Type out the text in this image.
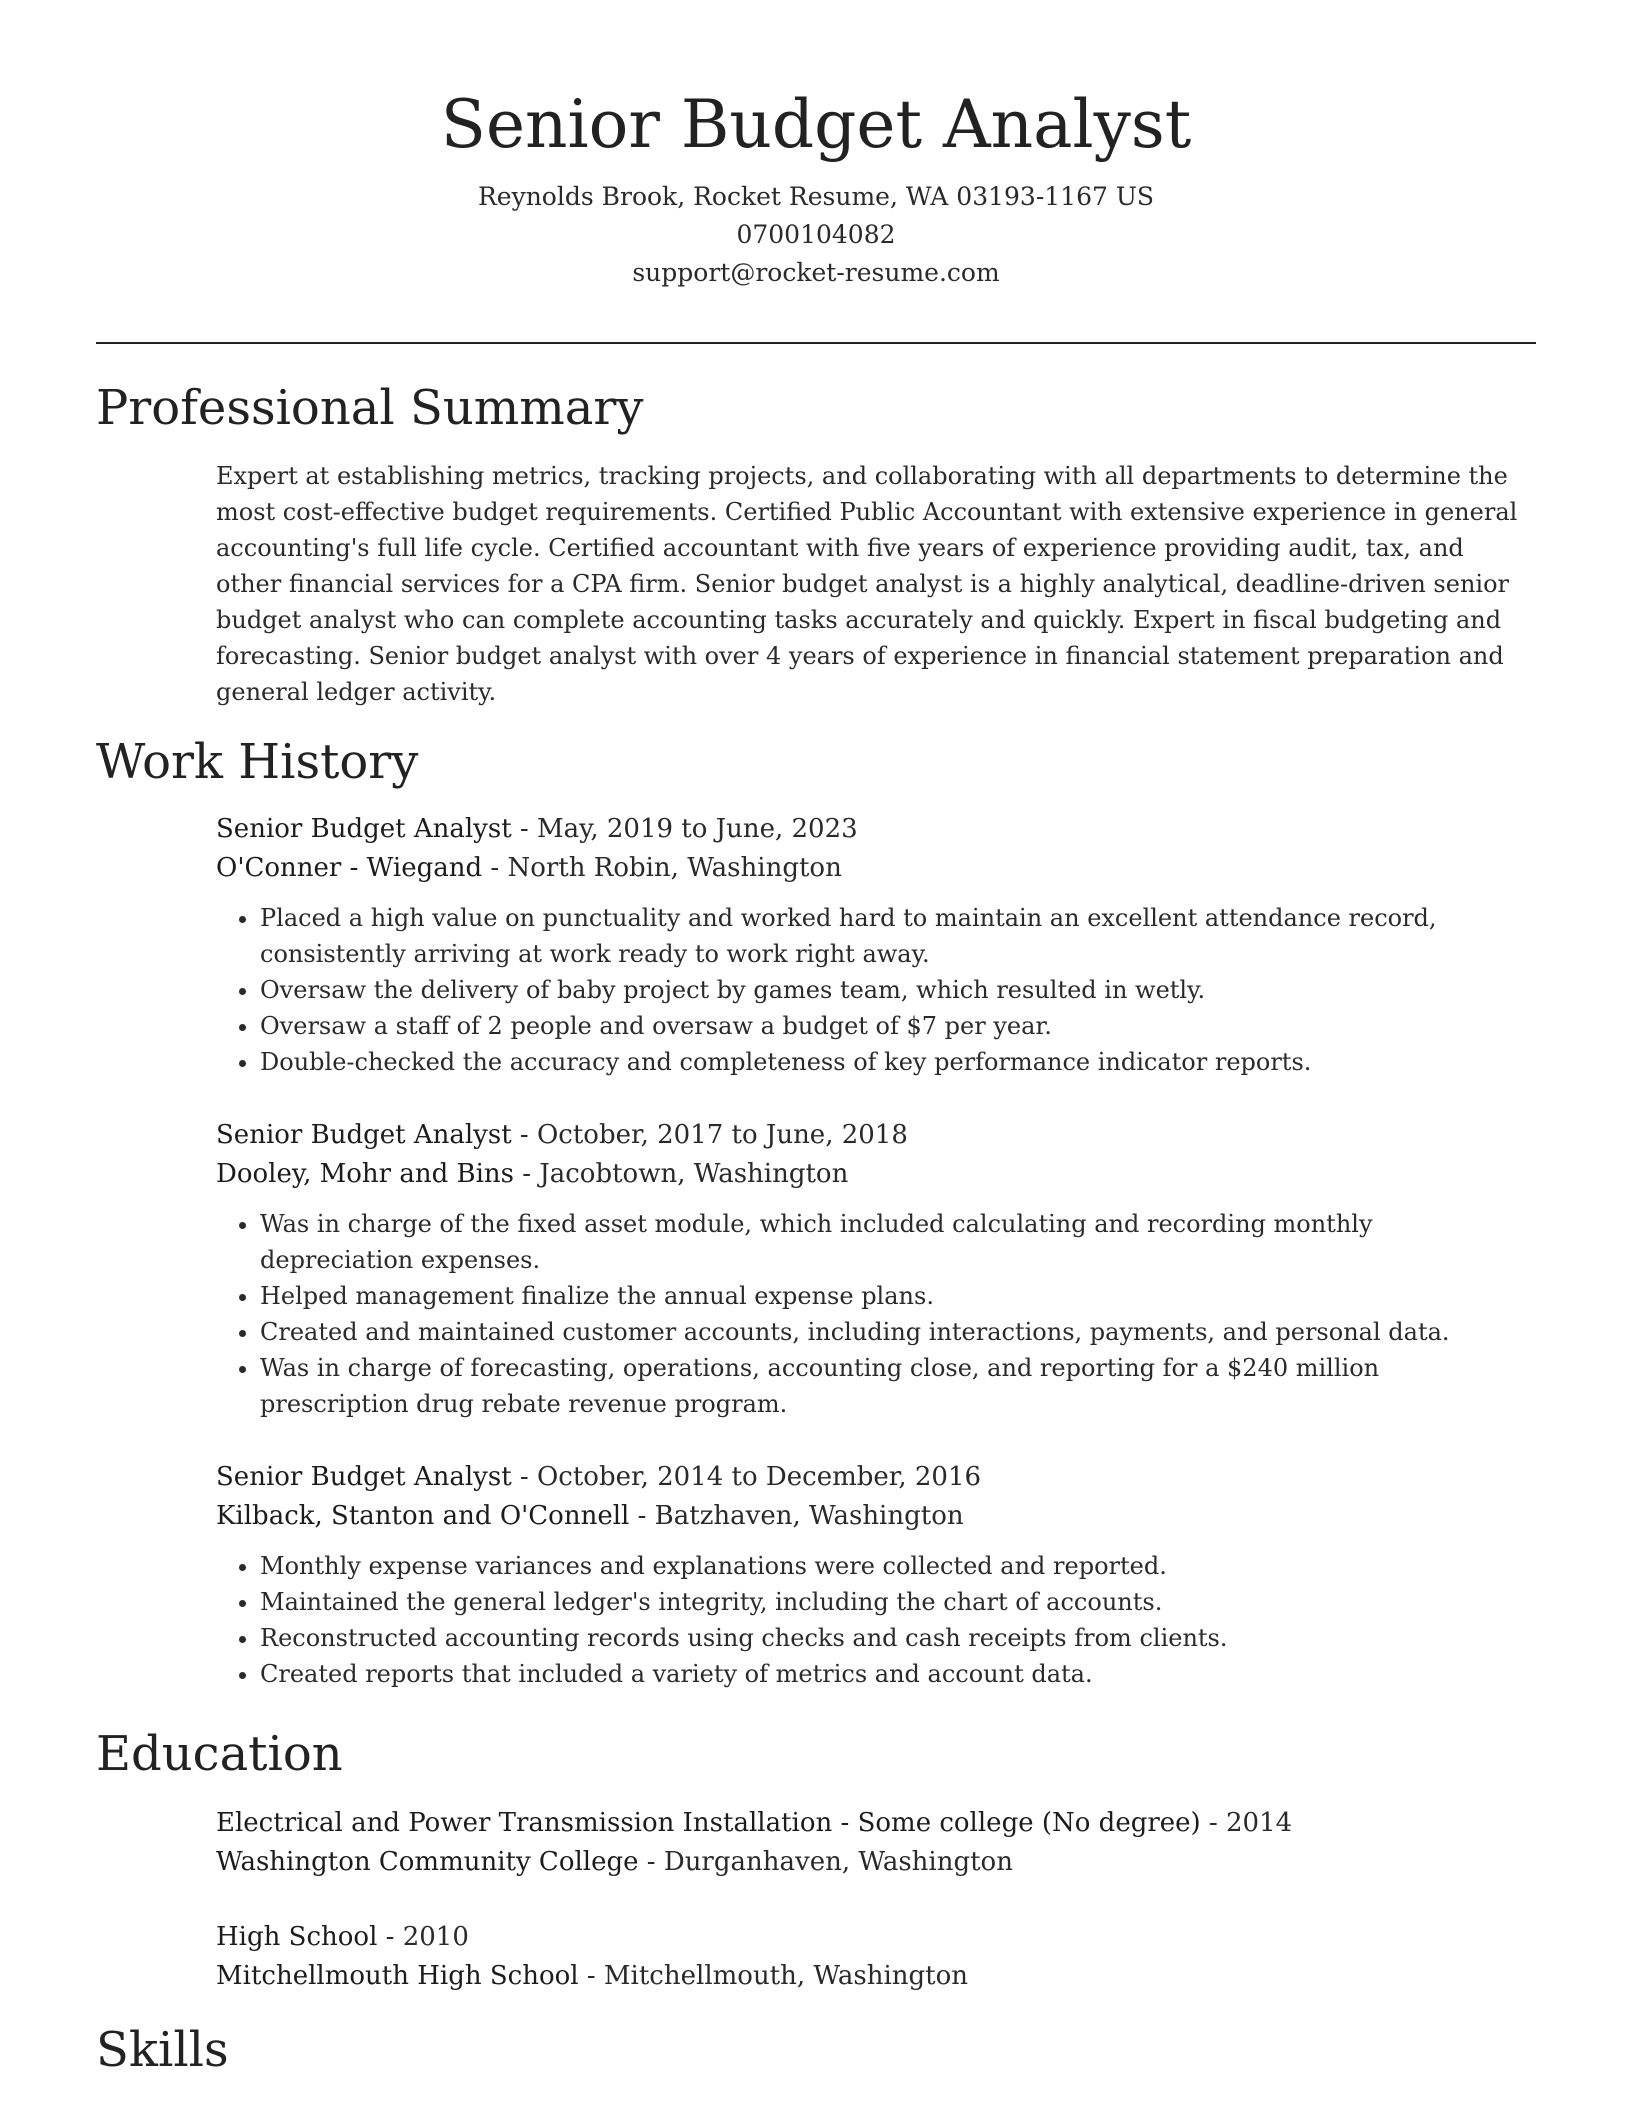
Senior Budget Analyst
Reynolds Brook, Rocket Resume, WA 03193-1167 US
0700104082
support@rocket-resume.com
Professional Summary

Expert at establishing metrics, tracking projects, and collaborating with all departments to determine the most cost-effective budget requirements. Certified Public Accountant with extensive experience in general accounting's full life cycle. Certified accountant with five years of experience providing audit, tax, and other financial services for a CPA firm. Senior budget analyst is a highly analytical, deadline-driven senior budget analyst who can complete accounting tasks accurately and quickly. Expert in fiscal budgeting and forecasting. Senior budget analyst with over 4 years of experience in financial statement preparation and general ledger activity.

Work History
Senior Budget Analyst - May, 2019 to June, 2023
O'Conner - Wiegand - North Robin, Washington
• Placed a high value on punctuality and worked hard to maintain an excellent attendance record, consistently arriving at work ready to work right away.
• Oversaw the delivery of baby project by games team, which resulted in wetly.
• Oversaw a staff of 2 people and oversaw a budget of $7 per year.
• Double-checked the accuracy and completeness of key performance indicator reports.
Senior Budget Analyst - October, 2017 to June, 2018
Dooley, Mohr and Bins - Jacobtown, Washington
• Was in charge of the fixed asset module, which included calculating and recording monthly depreciation expenses.
• Helped management finalize the annual expense plans.
• Created and maintained customer accounts, including interactions, payments, and personal data.
• Was in charge of forecasting, operations, accounting close, and reporting for a $240 million prescription drug rebate revenue program.
Senior Budget Analyst - October, 2014 to December, 2016
Kilback, Stanton and O'Connell - Batzhaven, Washington
• Monthly expense variances and explanations were collected and reported.
• Maintained the general ledger's integrity, including the chart of accounts.
• Reconstructed accounting records using checks and cash receipts from clients.
• Created reports that included a variety of metrics and account data.
Education
Electrical and Power Transmission Installation - Some college (No degree) - 2014
Washington Community College - Durganhaven, Washington
High School - 2010
Mitchellmouth High School - Mitchellmouth, Washington
Skills
